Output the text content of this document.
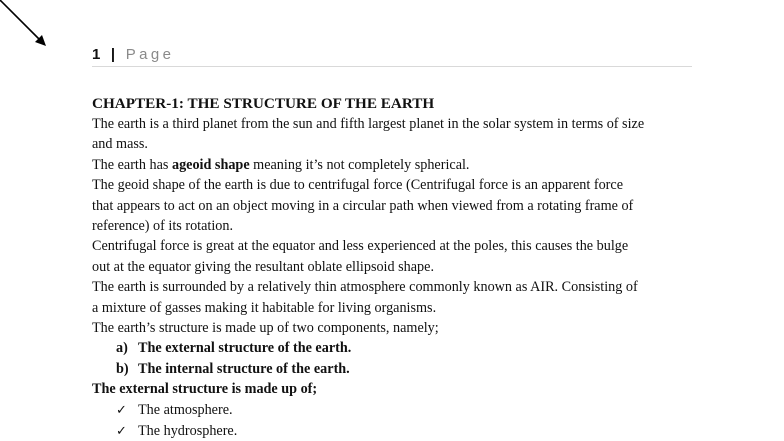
1 | Page
CHAPTER-1: THE STRUCTURE OF THE EARTH

The earth is a third planet from the sun and fifth largest planet in the solar system in terms of size

and mass.

The earth has ageoid shape meaning it’s not completely spherical.

The geoid shape of the earth is due to centrifugal force (Centrifugal force is an apparent force

that appears to act on an object moving in a circular path when viewed from a rotating frame of

reference) of its rotation.

Centrifugal force is great at the equator and less experienced at the poles, this causes the bulge

out at the equator giving the resultant oblate ellipsoid shape.

The earth is surrounded by a relatively thin atmosphere commonly known as AIR. Consisting of

a mixture of gasses making it habitable for living organisms.

The earth’s structure is made up of two components, namely;

a) The external structure of the earth.
b) The internal structure of the earth.

The external structure is made up of;

✓ The atmosphere.
✓ The hydrosphere.
